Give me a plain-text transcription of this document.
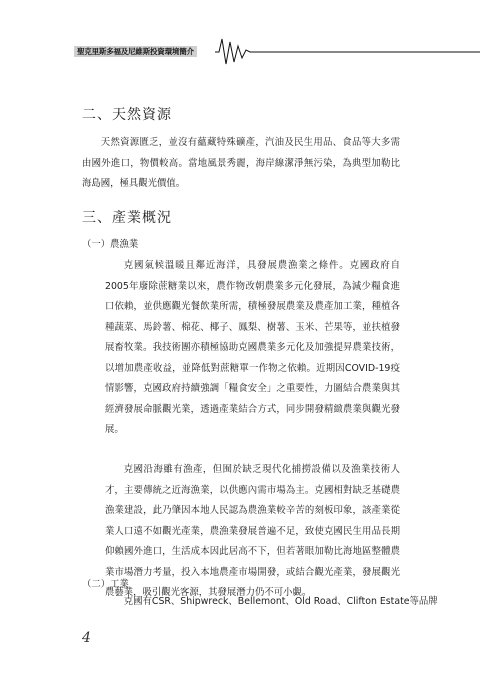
聖克里斯多福及尼維斯投資環境簡介
二、天然資源

天然資源匱乏，並沒有蘊藏特殊礦產，汽油及民生用品、食品等大多需由國外進口，物價較高。當地風景秀麗，海岸線潔淨無污染，為典型加勒比海島國，極具觀光價值。

三、產業概況
（一）農漁業

克國氣候溫暖且鄰近海洋，具發展農漁業之條件。克國政府自2005年廢除蔗糖業以來，農作物改朝農業多元化發展，為減少糧食進口依賴，並供應觀光餐飲業所需，積極發展農業及農產加工業，種植各種蔬菜、馬鈴薯、棉花、椰子、鳳梨、樹薯、玉米、芒果等，並扶植發展畜牧業。我技術團亦積極協助克國農業多元化及加強提昇農業技術，以增加農產收益，並降低對蔗糖單一作物之依賴。近期因COVID-19疫情影響，克國政府持續強調「糧食安全」之重要性，力圖結合農業與其經濟發展命脈觀光業，透過產業結合方式，同步開發精緻農業與觀光發展。

克國沿海雖有漁產，但囿於缺乏現代化捕撈設備以及漁業技術人才，主要傳統之近海漁業，以供應內需市場為主。克國相對缺乏基礎農漁業建設，此乃肇因本地人民認為農漁業較辛苦的刻板印象，該產業從業人口遠不如觀光產業，農漁業發展普遍不足，致使克國民生用品長期仰賴國外進口，生活成本因此居高不下，但若著眼加勒比海地區整體農業市場潛力考量，投入本地農產市場開發，或結合觀光產業，發展觀光農藝業，吸引觀光客源，其發展潛力仍不可小覷。

（二）工業

克國有CSR、Shipwreck、Bellemont、Old Road、Clifton Estate等品牌

4
